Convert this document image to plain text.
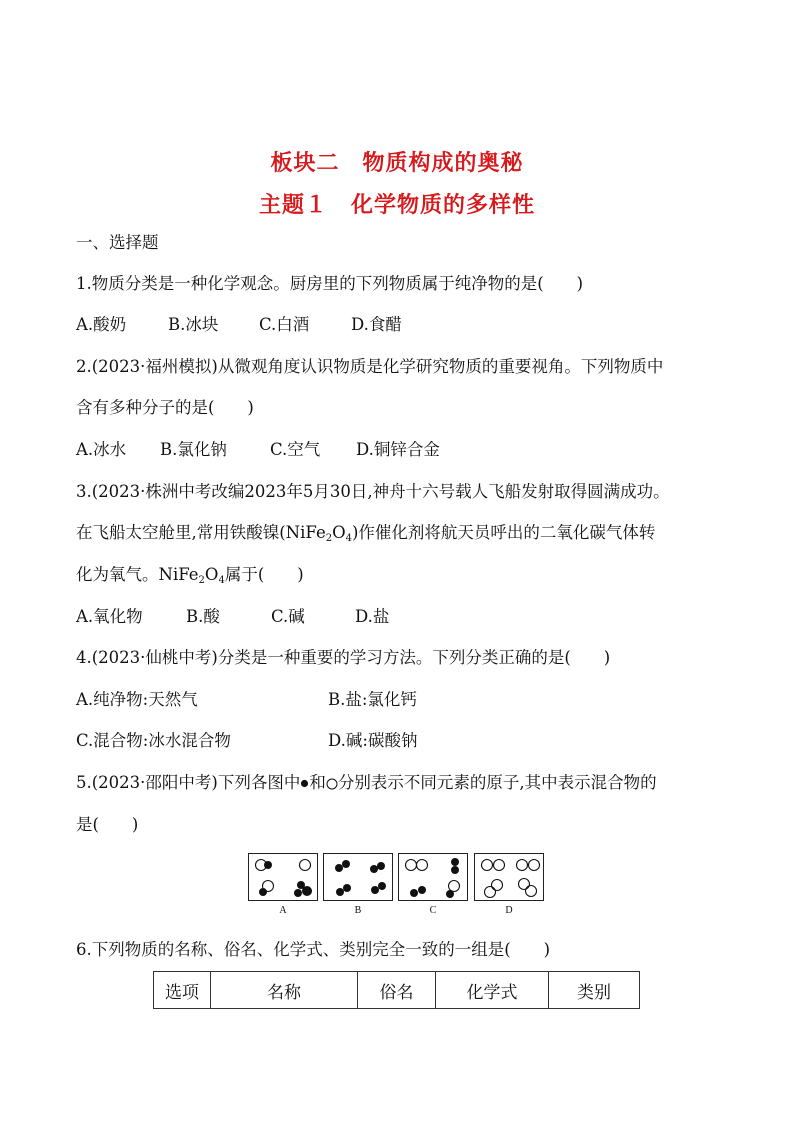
板块二　物质构成的奥秘
主题１　化学物质的多样性
一、选择题
1.物质分类是一种化学观念。厨房里的下列物质属于纯净物的是(　　)
A.酸奶	B.冰块 C.白酒	D.食醋
2.(2023·福州模拟)从微观角度认识物质是化学研究物质的重要视角。下列物质中
含有多种分子的是(　　)
A.冰水 B.氯化钠	C.空气 D.铜锌合金
3.(2023·株洲中考改编2023年5月30日,神舟十六号载人飞船发射取得圆满成功。
在飞船太空舱里,常用铁酸镍$(NiFe_2O_4)$作催化剂将航天员呼出的二氧化碳气体转
化为氧气。$NiFe_2O_4$属于(　　)
A.氧化物	B.酸	C.碱	D.盐
4.(2023·仙桃中考)分类是一种重要的学习方法。下列分类正确的是(　　)
A.纯净物:天然气	B.盐:氯化钙
C.混合物:冰水混合物	D.碱:碳酸钠
5.(2023·邵阳中考)下列各图中 和 分别表示不同元素的原子,其中表示混合物的
是(　　)
A	B	C	D
6.下列物质的名称、俗名、化学式、类别完全一致的一组是(　　)
选项	名称	俗名	化学式	类别
